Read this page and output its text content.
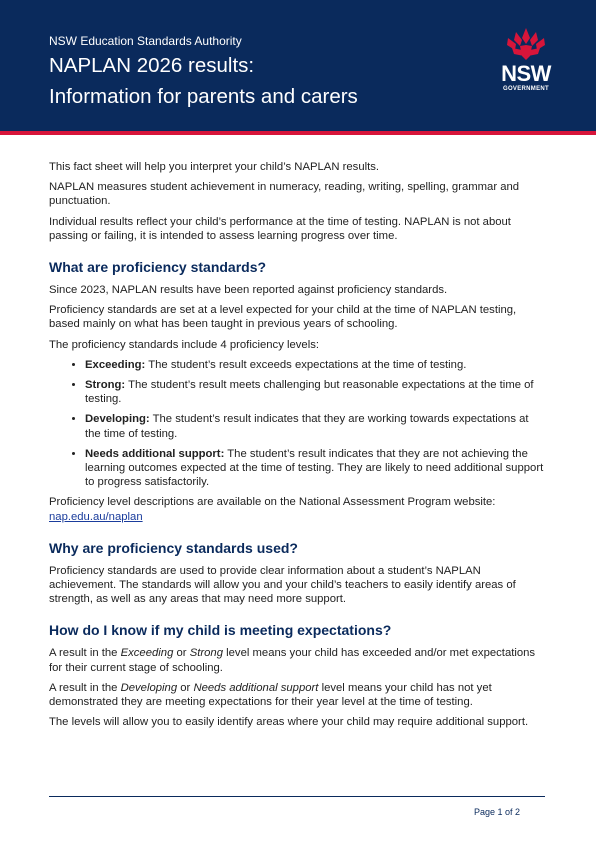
NSW Education Standards Authority

NAPLAN 2026 results:
Information for parents and carers
NSW
GOVERNMENT

This fact sheet will help you interpret your child’s NAPLAN results.

NAPLAN measures student achievement in numeracy, reading, writing, spelling, grammar and punctuation.

Individual results reflect your child’s performance at the time of testing. NAPLAN is not about passing or failing, it is intended to assess learning progress over time.

What are proficiency standards?

Since 2023, NAPLAN results have been reported against proficiency standards.

Proficiency standards are set at a level expected for your child at the time of NAPLAN testing, based mainly on what has been taught in previous years of schooling.

The proficiency standards include 4 proficiency levels:

• Exceeding: The student’s result exceeds expectations at the time of testing.
• Strong: The student’s result meets challenging but reasonable expectations at the time of testing.
• Developing: The student’s result indicates that they are working towards expectations at the time of testing.
• Needs additional support: The student’s result indicates that they are not achieving the learning outcomes expected at the time of testing. They are likely to need additional support to progress satisfactorily.

Proficiency level descriptions are available on the National Assessment Program website: nap.edu.au/naplan

Why are proficiency standards used?

Proficiency standards are used to provide clear information about a student’s NAPLAN achievement. The standards will allow you and your child’s teachers to easily identify areas of strength, as well as any areas that may need more support.

How do I know if my child is meeting expectations?

A result in the Exceeding or Strong level means your child has exceeded and/or met expectations for their current stage of schooling.

A result in the Developing or Needs additional support level means your child has not yet demonstrated they are meeting expectations for their year level at the time of testing.

The levels will allow you to easily identify areas where your child may require additional support.

Page 1 of 2
